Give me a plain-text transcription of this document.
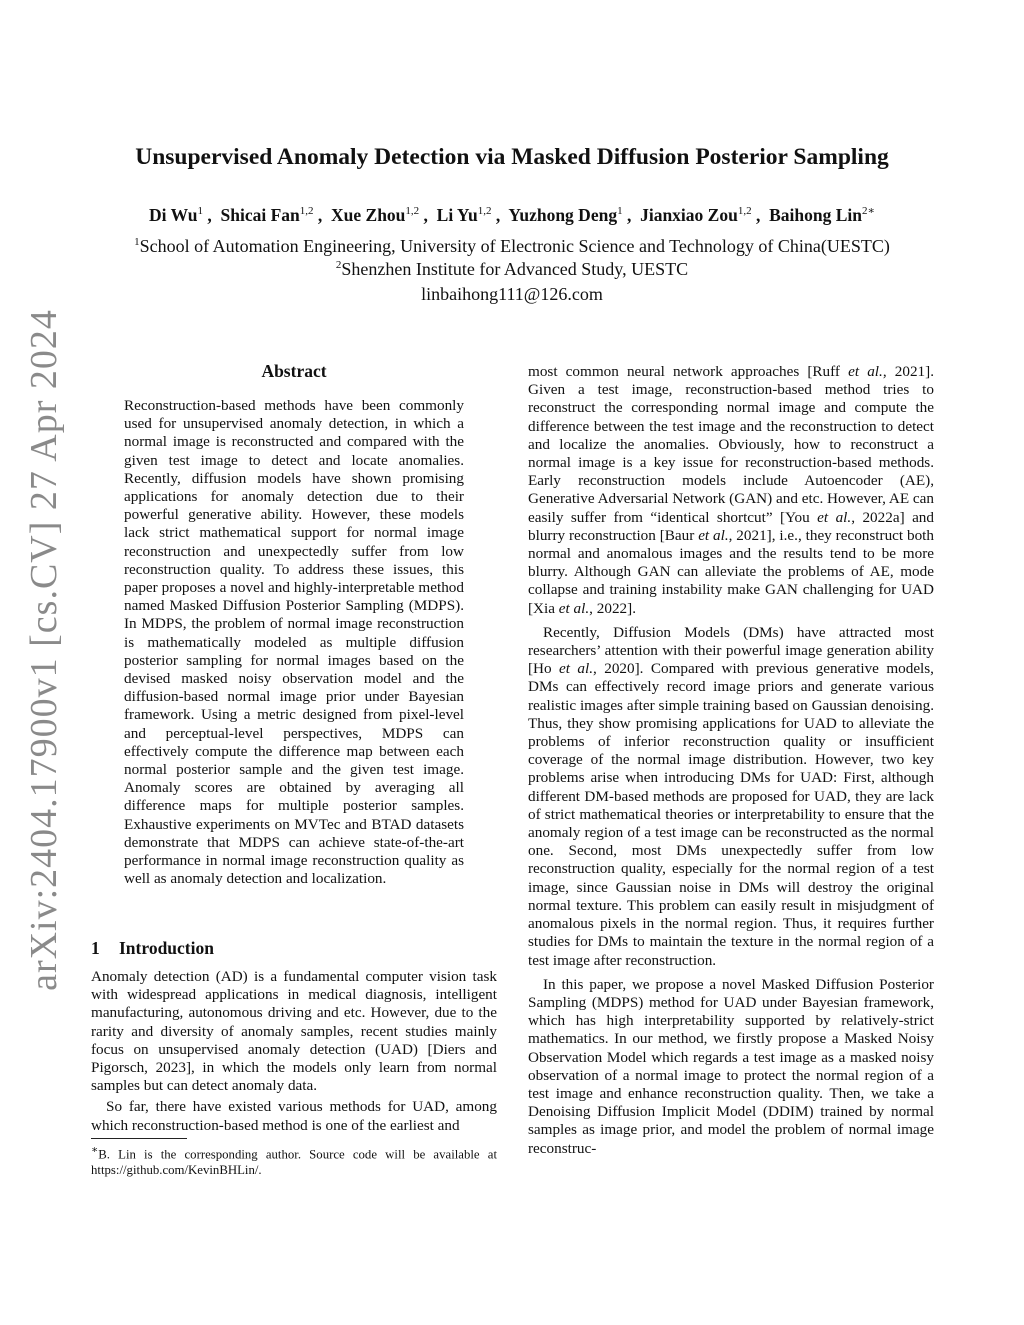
arXiv:2404.17900v1 [cs.CV] 27 Apr 2024
Unsupervised Anomaly Detection via Masked Diffusion Posterior Sampling
Di Wu$^1$ ,  Shicai Fan$^{1,2}$ ,  Xue Zhou$^{1,2}$ ,  Li Yu$^{1,2}$ ,  Yuzhong Deng$^1$ ,  Jianxiao Zou$^{1,2}$ ,  Baihong Lin$^{2∗}$
$^1$School of Automation Engineering, University of Electronic Science and Technology of China(UESTC)
$^2$Shenzhen Institute for Advanced Study, UESTC
linbaihong111@126.com
Abstract

Reconstruction-based methods have been commonly used for unsupervised anomaly detection, in which a normal image is reconstructed and compared with the given test image to detect and locate anomalies. Recently, diffusion models have shown promising applications for anomaly detection due to their powerful generative ability. However, these models lack strict mathematical support for normal image reconstruction and unexpectedly suffer from low reconstruction quality. To address these issues, this paper proposes a novel and highly-interpretable method named Masked Diffusion Posterior Sampling (MDPS). In MDPS, the problem of normal image reconstruction is mathematically modeled as multiple diffusion posterior sampling for normal images based on the devised masked noisy observation model and the diffusion-based normal image prior under Bayesian framework. Using a metric designed from pixel-level and perceptual-level perspectives, MDPS can effectively compute the difference map between each normal posterior sample and the given test image. Anomaly scores are obtained by averaging all difference maps for multiple posterior samples. Exhaustive experiments on MVTec and BTAD datasets demonstrate that MDPS can achieve state-of-the-art performance in normal image reconstruction quality as well as anomaly detection and localization.

1 Introduction

Anomaly detection (AD) is a fundamental computer vision task with widespread applications in medical diagnosis, intelligent manufacturing, autonomous driving and etc. However, due to the rarity and diversity of anomaly samples, recent studies mainly focus on unsupervised anomaly detection (UAD) [Diers and Pigorsch, 2023], in which the models only learn from normal samples but can detect anomaly data.

So far, there have existed various methods for UAD, among which reconstruction-based method is one of the earliest and

∗B. Lin is the corresponding author. Source code will be available at https://github.com/KevinBHLin/.

most common neural network approaches [Ruff et al., 2021]. Given a test image, reconstruction-based method tries to reconstruct the corresponding normal image and compute the difference between the test image and the reconstruction to detect and localize the anomalies. Obviously, how to reconstruct a normal image is a key issue for reconstruction-based methods. Early reconstruction models include Autoencoder (AE), Generative Adversarial Network (GAN) and etc. However, AE can easily suffer from “identical shortcut” [You et al., 2022a] and blurry reconstruction [Baur et al., 2021], i.e., they reconstruct both normal and anomalous images and the results tend to be more blurry. Although GAN can alleviate the problems of AE, mode collapse and training instability make GAN challenging for UAD [Xia et al., 2022].

Recently, Diffusion Models (DMs) have attracted most researchers’ attention with their powerful image generation ability [Ho et al., 2020]. Compared with previous generative models, DMs can effectively record image priors and generate various realistic images after simple training based on Gaussian denoising. Thus, they show promising applications for UAD to alleviate the problems of inferior reconstruction quality or insufficient coverage of the normal image distribution. However, two key problems arise when introducing DMs for UAD: First, although different DM-based methods are proposed for UAD, they are lack of strict mathematical theories or interpretability to ensure that the anomaly region of a test image can be reconstructed as the normal one. Second, most DMs unexpectedly suffer from low reconstruction quality, especially for the normal region of a test image, since Gaussian noise in DMs will destroy the original normal texture. This problem can easily result in misjudgment of anomalous pixels in the normal region. Thus, it requires further studies for DMs to maintain the texture in the normal region of a test image after reconstruction.

In this paper, we propose a novel Masked Diffusion Posterior Sampling (MDPS) method for UAD under Bayesian framework, which has high interpretability supported by relatively-strict mathematics. In our method, we firstly propose a Masked Noisy Observation Model which regards a test image as a masked noisy observation of a normal image to protect the normal region of a test image and enhance reconstruction quality. Then, we take a Denoising Diffusion Implicit Model (DDIM) trained by normal samples as image prior, and model the problem of normal image reconstruc-
